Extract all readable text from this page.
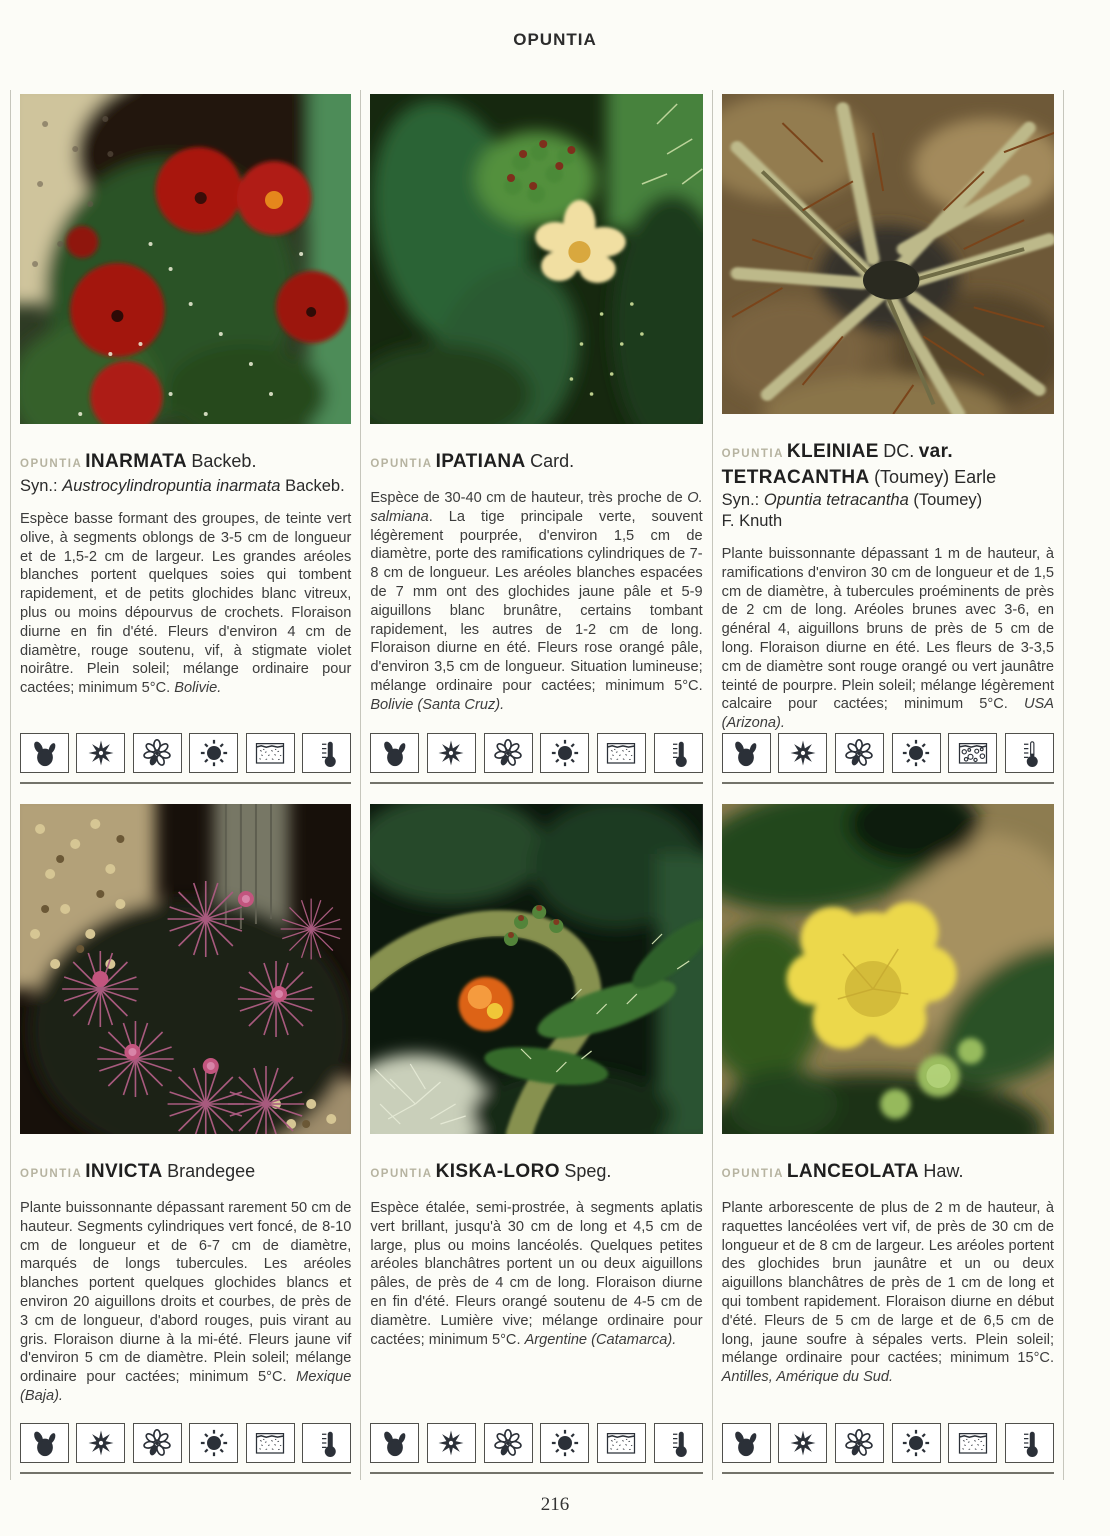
OPUNTIA
OPUNTIA INARMATA Backeb.
Syn.: Austrocylindropuntia inarmata Backeb.

Espèce basse formant des groupes, de teinte vert olive, à segments oblongs de 3-5 cm de longueur et de 1,5-2 cm de largeur. Les grandes aréoles blanches portent quelques soies qui tombent rapidement, et de petits glochides blanc vitreux, plus ou moins dépourvus de crochets. Floraison diurne en fin d'été. Fleurs d'environ 4 cm de diamètre, rouge soutenu, vif, à stigmate violet noirâtre. Plein soleil; mélange ordinaire pour cactées; minimum 5°C. Bolivie.

OPUNTIA IPATIANA Card.

Espèce de 30-40 cm de hauteur, très proche de O. salmiana. La tige principale verte, souvent légèrement pourprée, d'environ 1,5 cm de diamètre, porte des ramifications cylindriques de 7-8 cm de longueur. Les aréoles blanches espacées de 7 mm ont des glochides jaune pâle et 5-9 aiguillons blanc brunâtre, certains tombant rapidement, les autres de 1-2 cm de long. Floraison diurne en été. Fleurs rose orangé pâle, d'environ 3,5 cm de longueur. Situation lumineuse; mélange ordinaire pour cactées; minimum 5°C. Bolivie (Santa Cruz).

OPUNTIA KLEINIAE DC. var.
TETRACANTHA (Toumey) Earle
Syn.: Opuntia tetracantha (Toumey)
F. Knuth

Plante buissonnante dépassant 1 m de hauteur, à ramifications d'environ 30 cm de longueur et de 1,5 cm de diamètre, à tubercules proéminents de près de 2 cm de long. Aréoles brunes avec 3-6, en général 4, aiguillons bruns de près de 5 cm de long. Floraison diurne en été. Les fleurs de 3-3,5 cm de diamètre sont rouge orangé ou vert jaunâtre teinté de pourpre. Plein soleil; mélange légèrement calcaire pour cactées; minimum 5°C. USA (Arizona).

OPUNTIA INVICTA Brandegee

Plante buissonnante dépassant rarement 50 cm de hauteur. Segments cylindriques vert foncé, de 8-10 cm de longueur et de 6-7 cm de diamètre, marqués de longs tubercules. Les aréoles blanches portent quelques glochides blancs et environ 20 aiguillons droits et courbes, de près de 3 cm de longueur, d'abord rouges, puis virant au gris. Floraison diurne à la mi-été. Fleurs jaune vif d'environ 5 cm de diamètre. Plein soleil; mélange ordinaire pour cactées; minimum 5°C. Mexique (Baja).

OPUNTIA KISKA-LORO Speg.

Espèce étalée, semi-prostrée, à segments aplatis vert brillant, jusqu'à 30 cm de long et 4,5 cm de large, plus ou moins lancéolés. Quelques petites aréoles blanchâtres portent un ou deux aiguillons pâles, de près de 4 cm de long. Floraison diurne en fin d'été. Fleurs orangé soutenu de 4-5 cm de diamètre. Lumière vive; mélange ordinaire pour cactées; minimum 5°C. Argentine (Catamarca).

OPUNTIA LANCEOLATA Haw.

Plante arborescente de plus de 2 m de hauteur, à raquettes lancéolées vert vif, de près de 30 cm de longueur et de 8 cm de largeur. Les aréoles portent des glochides brun jaunâtre et un ou deux aiguillons blanchâtres de près de 1 cm de long et qui tombent rapidement. Floraison diurne en début d'été. Fleurs de 5 cm de large et de 6,5 cm de long, jaune soufre à sépales verts. Plein soleil; mélange ordinaire pour cactées; minimum 15°C. Antilles, Amérique du Sud.

216
